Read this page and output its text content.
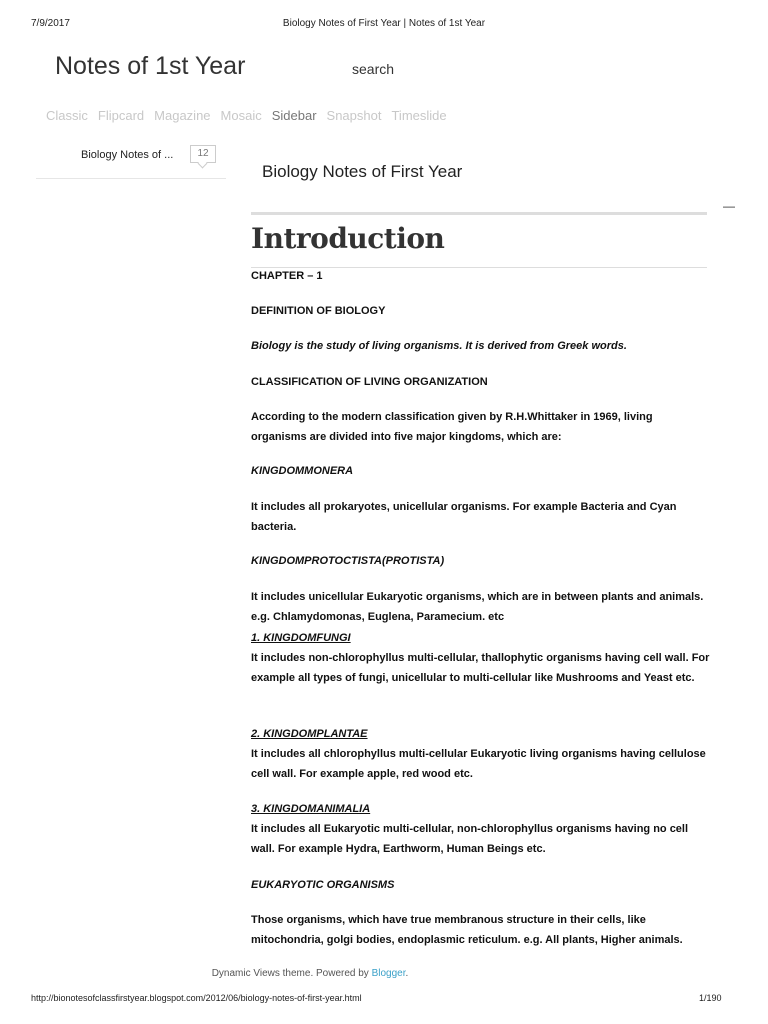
7/9/2017	Biology Notes of First Year | Notes of 1st Year
Notes of 1st Year	search
Classic Flipcard Magazine Mosaic Sidebar Snapshot Timeslide
Biology Notes of ...	12
Biology Notes of First Year
—
Introduction
CHAPTER – 1
DEFINITION OF BIOLOGY
Biology is the study of living organisms. It is derived from Greek words.
CLASSIFICATION OF LIVING ORGANIZATION
According to the modern classification given by R.H.Whittaker in 1969, living organisms are divided into five major kingdoms, which are:
KINGDOMMONERA
It includes all prokaryotes, unicellular organisms. For example Bacteria and Cyan bacteria.
KINGDOMPROTOCTISTA(PROTISTA)
It includes unicellular Eukaryotic organisms, which are in between plants and animals. e.g. Chlamydomonas, Euglena, Paramecium. etc
1. KINGDOMFUNGI
It includes non-chlorophyllus multi-cellular, thallophytic organisms having cell wall. For example all types of fungi, unicellular to multi-cellular like Mushrooms and Yeast etc.
2. KINGDOMPLANTAE
It includes all chlorophyllus multi-cellular Eukaryotic living organisms having cellulose cell wall. For example apple, red wood etc.
3. KINGDOMANIMALIA
It includes all Eukaryotic multi-cellular, non-chlorophyllus organisms having no cell wall. For example Hydra, Earthworm, Human Beings etc.
EUKARYOTIC ORGANISMS
Those organisms, which have true membranous structure in their cells, like mitochondria, golgi bodies, endoplasmic reticulum. e.g. All plants, Higher animals.
Dynamic Views theme. Powered by Blogger.
http://bionotesofclassfirstyear.blogspot.com/2012/06/biology-notes-of-first-year.html	1/190
